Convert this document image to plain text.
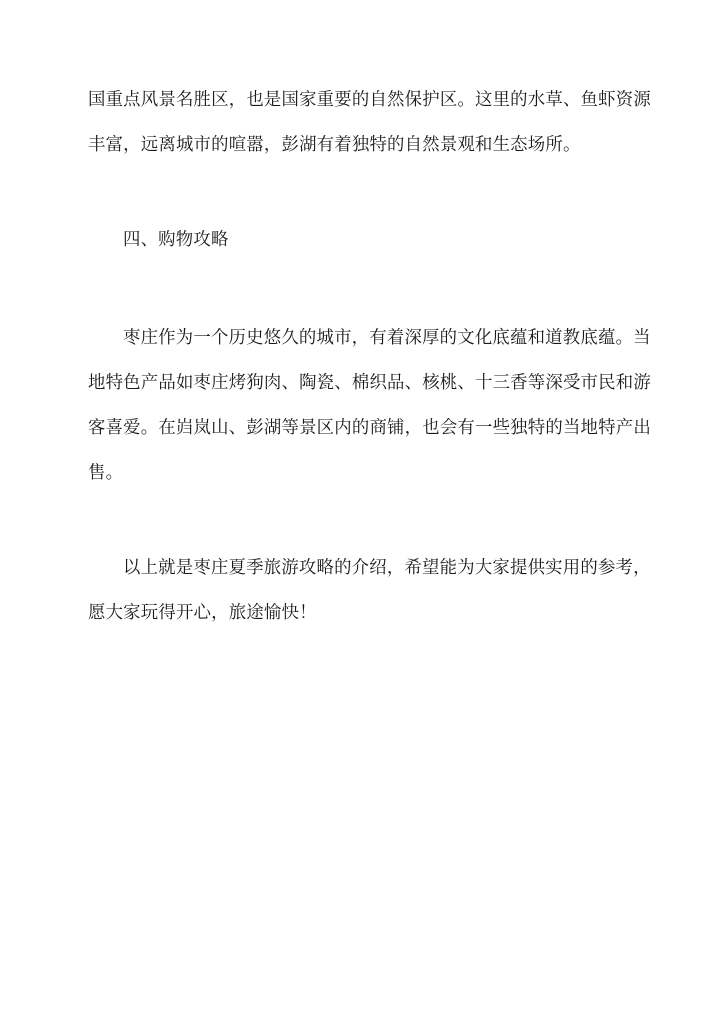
国重点风景名胜区，也是国家重要的自然保护区。这里的水草、鱼虾资源
丰富，远离城市的喧嚣，彭湖有着独特的自然景观和生态场所。

四、购物攻略

枣庄作为一个历史悠久的城市，有着深厚的文化底蕴和道教底蕴。当
地特色产品如枣庄烤狗肉、陶瓷、棉织品、核桃、十三香等深受市民和游
客喜爱。在岿岚山、彭湖等景区内的商铺，也会有一些独特的当地特产出
售。

以上就是枣庄夏季旅游攻略的介绍，希望能为大家提供实用的参考，
愿大家玩得开心，旅途愉快！
